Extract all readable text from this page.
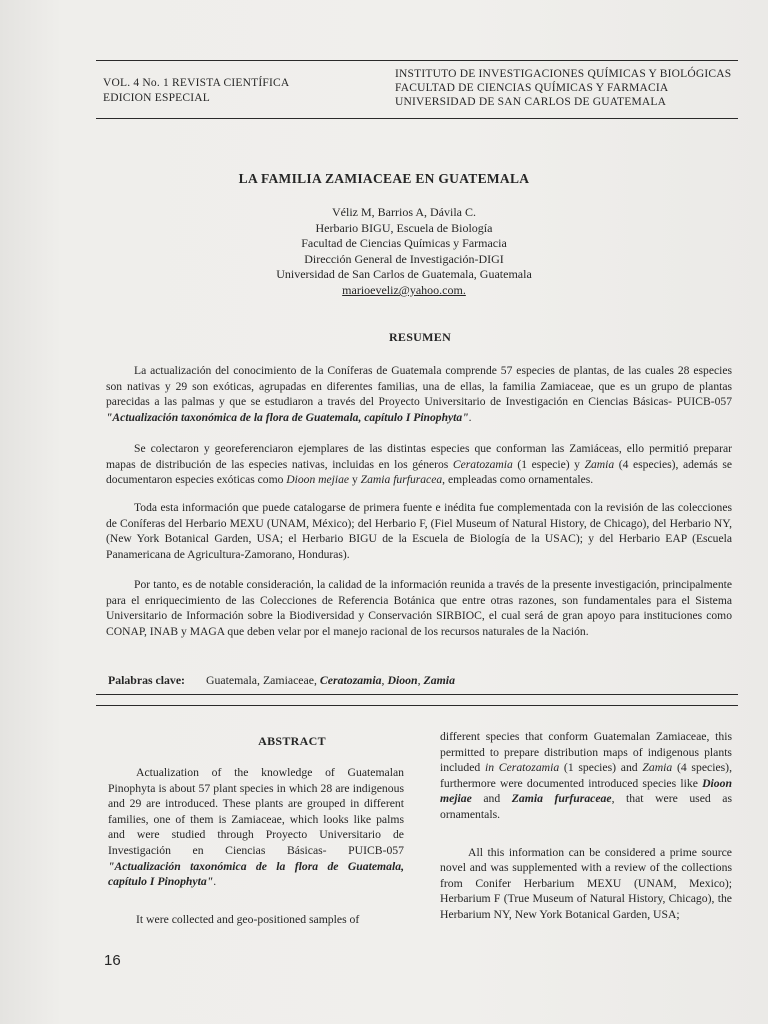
VOL. 4 No. 1 REVISTA CIENTÍFICA
EDICION ESPECIAL
INSTITUTO DE INVESTIGACIONES QUÍMICAS Y BIOLÓGICAS
FACULTAD DE CIENCIAS QUÍMICAS Y FARMACIA
UNIVERSIDAD DE SAN CARLOS DE GUATEMALA
LA FAMILIA ZAMIACEAE EN GUATEMALA
Véliz M, Barrios A, Dávila C.
Herbario BIGU, Escuela de Biología
Facultad de Ciencias Químicas y Farmacia
Dirección General de Investigación-DIGI
Universidad de San Carlos de Guatemala, Guatemala
marioeveliz@yahoo.com.
RESUMEN

La actualización del conocimiento de la Coníferas de Guatemala comprende 57 especies de plantas, de las cuales 28 especies son nativas y 29 son exóticas, agrupadas en diferentes familias, una de ellas, la familia Zamiaceae, que es un grupo de plantas parecidas a las palmas y que se estudiaron a través del Proyecto Universitario de Investigación en Ciencias Básicas- PUICB-057 "Actualización taxonómica de la flora de Guatemala, capítulo I Pinophyta".

Se colectaron y georeferenciaron ejemplares de las distintas especies que conforman las Zamiáceas, ello permitió preparar mapas de distribución de las especies nativas, incluidas en los géneros Ceratozamia (1 especie) y Zamia (4 especies), además se documentaron especies exóticas como Dioon mejiae y Zamia furfuracea, empleadas como ornamentales.

Toda esta información que puede catalogarse de primera fuente e inédita fue complementada con la revisión de las colecciones de Coníferas del Herbario MEXU (UNAM, México); del Herbario F, (Fiel Museum of Natural History, de Chicago), del Herbario NY, (New York Botanical Garden, USA; el Herbario BIGU de la Escuela de Biología de la USAC); y del Herbario EAP (Escuela Panamericana de Agricultura-Zamorano, Honduras).

Por tanto, es de notable consideración, la calidad de la información reunida a través de la presente investigación, principalmente para el enriquecimiento de las Colecciones de Referencia Botánica que entre otras razones, son fundamentales para el Sistema Universitario de Información sobre la Biodiversidad y Conservación SIRBIOC, el cual será de gran apoyo para instituciones como CONAP, INAB y MAGA que deben velar por el manejo racional de los recursos naturales de la Nación.

Palabras clave: Guatemala, Zamiaceae, Ceratozamia, Dioon, Zamia
ABSTRACT

Actualization of the knowledge of Guatemalan Pinophyta is about 57 plant species in which 28 are indigenous and 29 are introduced. These plants are grouped in different families, one of them is Zamiaceae, which looks like palms and were studied through Proyecto Universitario de Investigación en Ciencias Básicas- PUICB-057 "Actualización taxonómica de la flora de Guatemala, capítulo I Pinophyta".

It were collected and geo-positioned samples of

different species that conform Guatemalan Zamiaceae, this permitted to prepare distribution maps of indigenous plants included in Ceratozamia (1 species) and Zamia (4 species), furthermore were documented introduced species like Dioon mejiae and Zamia furfuraceae, that were used as ornamentals.

All this information can be considered a prime source novel and was supplemented with a review of the collections from Conifer Herbarium MEXU (UNAM, Mexico); Herbarium F (True Museum of Natural History, Chicago), the Herbarium NY, New York Botanical Garden, USA;

16
